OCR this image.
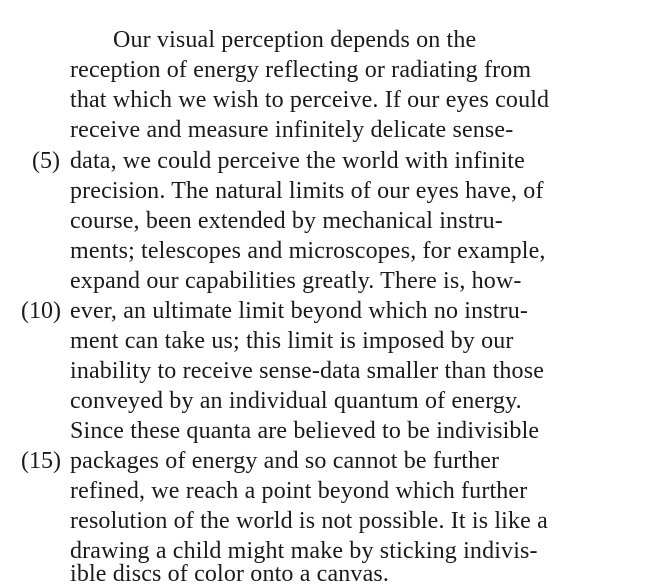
Our visual perception depends on the
reception of energy reflecting or radiating from
that which we wish to perceive. If our eyes could
receive and measure infinitely delicate sense-
(5) data, we could perceive the world with infinite
precision. The natural limits of our eyes have, of
course, been extended by mechanical instru-
ments; telescopes and microscopes, for example,
expand our capabilities greatly. There is, how-
(10) ever, an ultimate limit beyond which no instru-
ment can take us; this limit is imposed by our
inability to receive sense-data smaller than those
conveyed by an individual quantum of energy.
Since these quanta are believed to be indivisible
(15) packages of energy and so cannot be further
refined, we reach a point beyond which further
resolution of the world is not possible. It is like a
drawing a child might make by sticking indivis-
ible discs of color onto a canvas.
